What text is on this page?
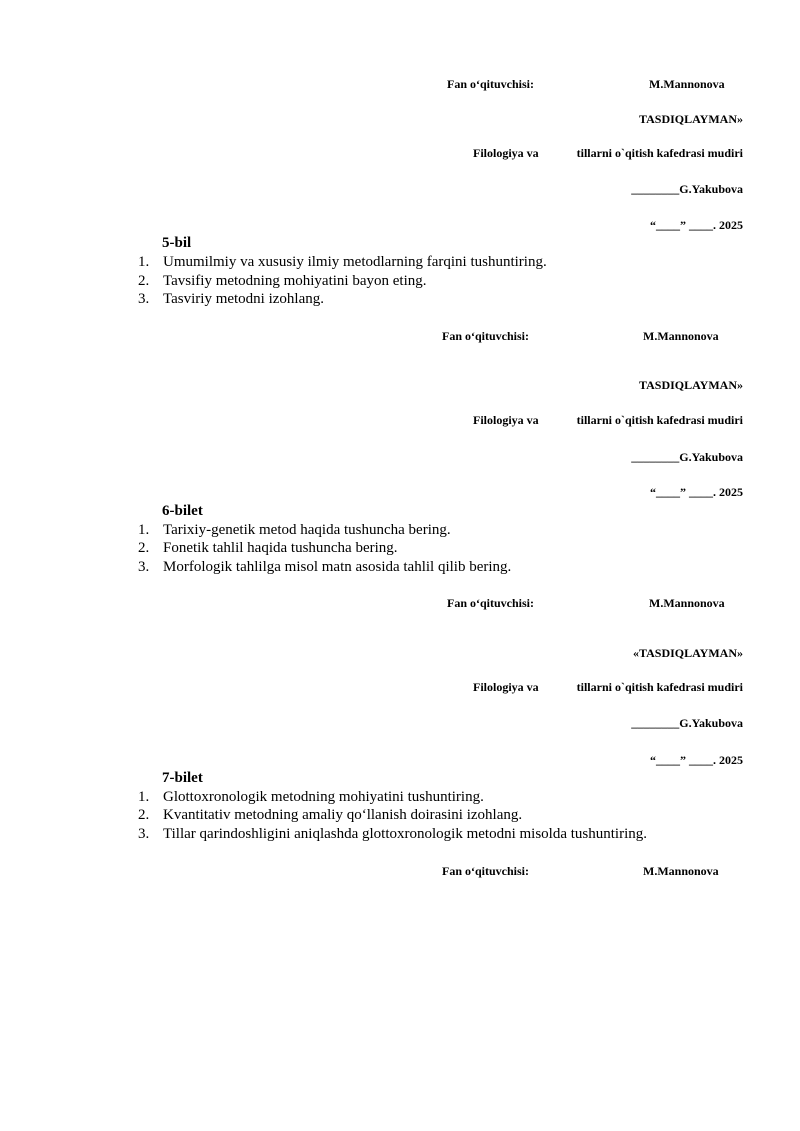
Fan o‘qituvchisi:	M.Mannonova
TASDIQLAYMAN»
Filologiya va	tillarni o`qitish kafedrasi mudiri
________G.Yakubova
“____” ____. 2025
5-bil
1. Umumilmiy va xususiy ilmiy metodlarning farqini tushuntiring.
2. Tavsifiy metodning mohiyatini bayon eting.
3. Tasviriy metodni izohlang.
Fan o‘qituvchisi:	M.Mannonova
TASDIQLAYMAN»
Filologiya va	tillarni o`qitish kafedrasi mudiri
________G.Yakubova
“____” ____. 2025
6-bilet
1. Tarixiy-genetik metod haqida tushuncha bering.
2. Fonetik tahlil haqida tushuncha bering.
3. Morfologik tahlilga misol matn asosida tahlil qilib bering.
Fan o‘qituvchisi:	M.Mannonova
«TASDIQLAYMAN»
Filologiya va	tillarni o`qitish kafedrasi mudiri
________G.Yakubova
“____” ____. 2025
7-bilet
1. Glottoxronologik metodning mohiyatini tushuntiring.
2. Kvantitativ metodning amaliy qo‘llanish doirasini izohlang.
3. Tillar qarindoshligini aniqlashda glottoxronologik metodni misolda tushuntiring.
Fan o‘qituvchisi:	M.Mannonova
